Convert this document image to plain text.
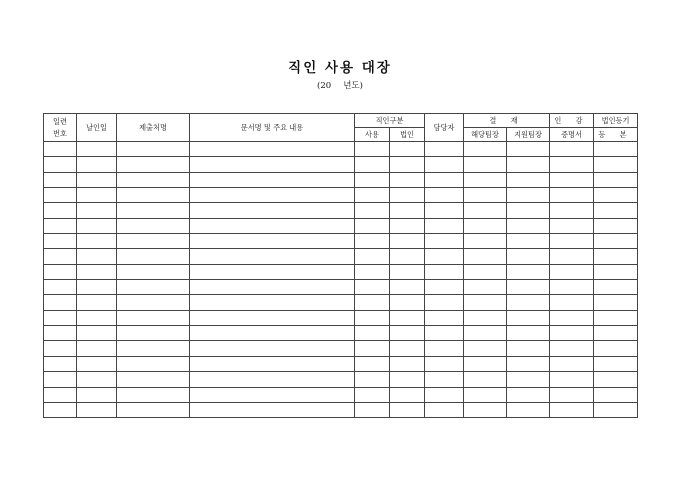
직인 사용 대장
(20 년도)
일련
번호	날인일	제출처명	문서명 및 주요 내용	직인구분		담당자	결 재		인 감	법인등기
				사용	법인		해당팀장	지원팀장	증명서	등 본
